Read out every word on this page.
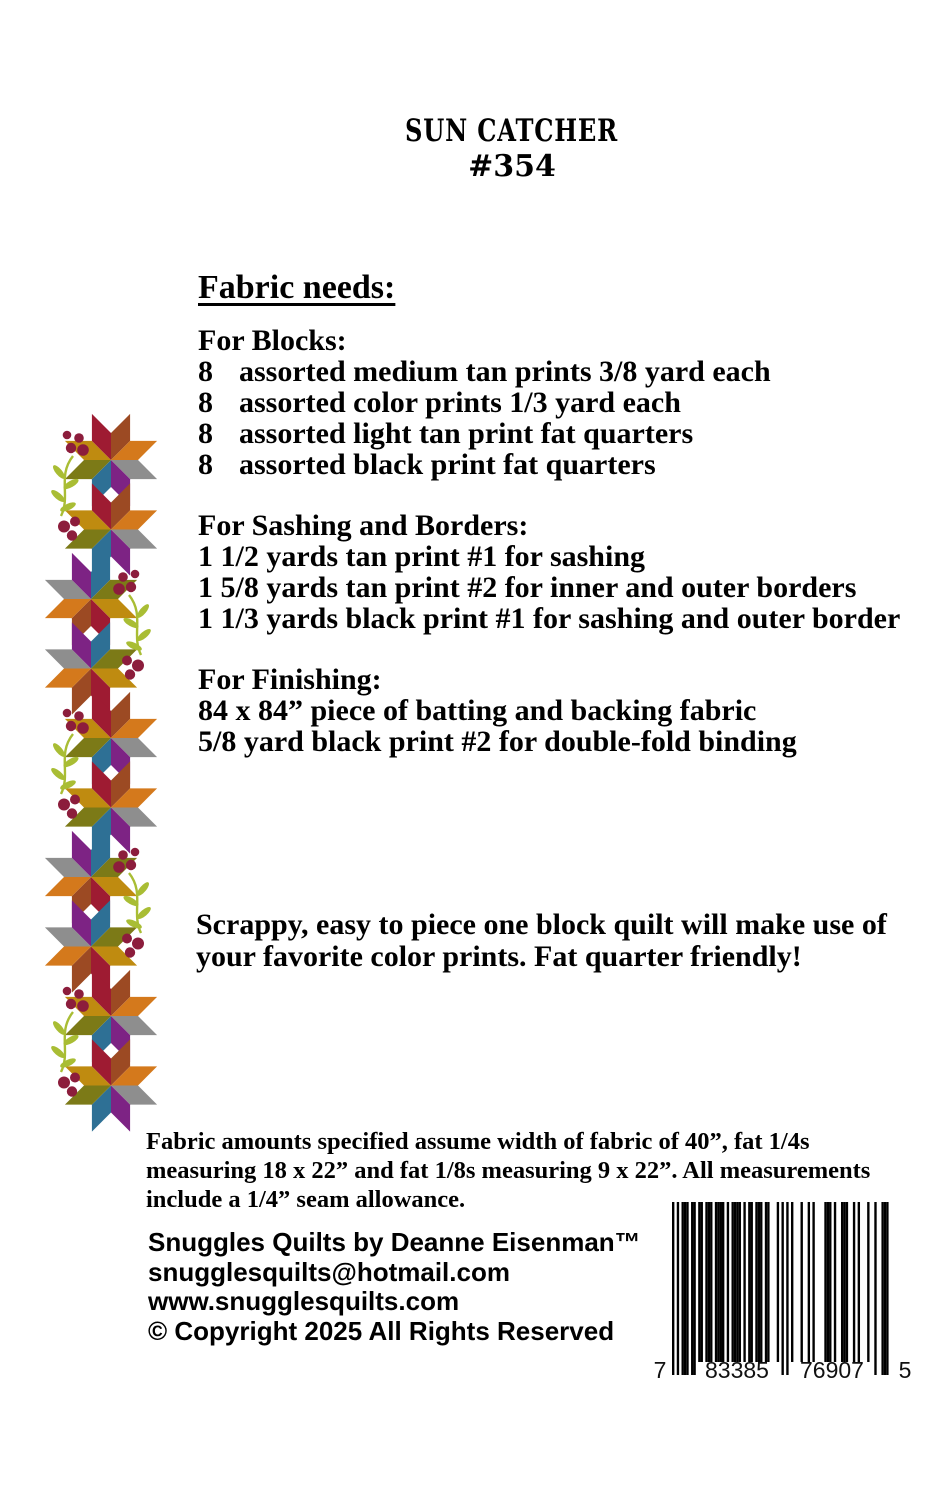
SUN CATCHER
#354
Fabric needs:
For Blocks:
8 assorted medium tan prints 3/8 yard each
8 assorted color prints 1/3 yard each
8 assorted light tan print fat quarters
8 assorted black print fat quarters
For Sashing and Borders:
1 1/2 yards tan print #1 for sashing
1 5/8 yards tan print #2 for inner and outer borders
1 1/3 yards black print #1 for sashing and outer border
For Finishing:
84 x 84” piece of batting and backing fabric
5/8 yard black print #2 for double-fold binding
Scrappy, easy to piece one block quilt will make use of
your favorite color prints. Fat quarter friendly!
Fabric amounts specified assume width of fabric of 40”, fat 1/4s
measuring 18 x 22” and fat 1/8s measuring 9 x 22”. All measurements
include a 1/4” seam allowance.
Snuggles Quilts by Deanne Eisenman™
snugglesquilts@hotmail.com
www.snugglesquilts.com
© Copyright 2025 All Rights Reserved
7 83385 76907 5
